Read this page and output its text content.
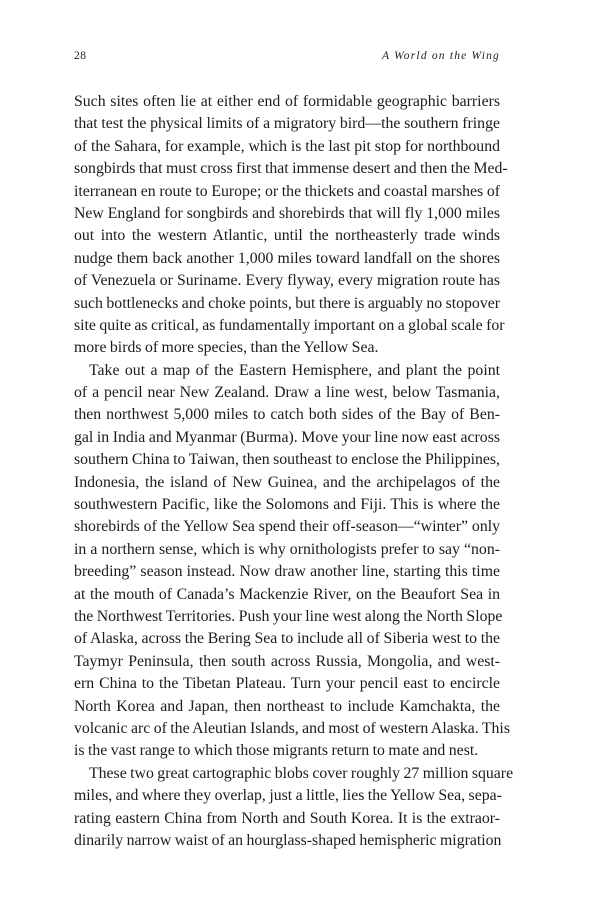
28	A World on the Wing
Such sites often lie at either end of formidable geographic barriers
that test the physical limits of a migratory bird—the southern fringe
of the Sahara, for example, which is the last pit stop for northbound
songbirds that must cross first that immense desert and then the Med-
iterranean en route to Europe; or the thickets and coastal marshes of
New England for songbirds and shorebirds that will fly 1,000 miles
out into the western Atlantic, until the northeasterly trade winds
nudge them back another 1,000 miles toward landfall on the shores
of Venezuela or Suriname. Every flyway, every migration route has
such bottlenecks and choke points, but there is arguably no stopover
site quite as critical, as fundamentally important on a global scale for
more birds of more species, than the Yellow Sea.
Take out a map of the Eastern Hemisphere, and plant the point
of a pencil near New Zealand. Draw a line west, below Tasmania,
then northwest 5,000 miles to catch both sides of the Bay of Ben-
gal in India and Myanmar (Burma). Move your line now east across
southern China to Taiwan, then southeast to enclose the Philippines,
Indonesia, the island of New Guinea, and the archipelagos of the
southwestern Pacific, like the Solomons and Fiji. This is where the
shorebirds of the Yellow Sea spend their off-season—“winter” only
in a northern sense, which is why ornithologists prefer to say “non-
breeding” season instead. Now draw another line, starting this time
at the mouth of Canada’s Mackenzie River, on the Beaufort Sea in
the Northwest Territories. Push your line west along the North Slope
of Alaska, across the Bering Sea to include all of Siberia west to the
Taymyr Peninsula, then south across Russia, Mongolia, and west-
ern China to the Tibetan Plateau. Turn your pencil east to encircle
North Korea and Japan, then northeast to include Kamchakta, the
volcanic arc of the Aleutian Islands, and most of western Alaska. This
is the vast range to which those migrants return to mate and nest.
These two great cartographic blobs cover roughly 27 million square
miles, and where they overlap, just a little, lies the Yellow Sea, sepa-
rating eastern China from North and South Korea. It is the extraor-
dinarily narrow waist of an hourglass-shaped hemispheric migration
